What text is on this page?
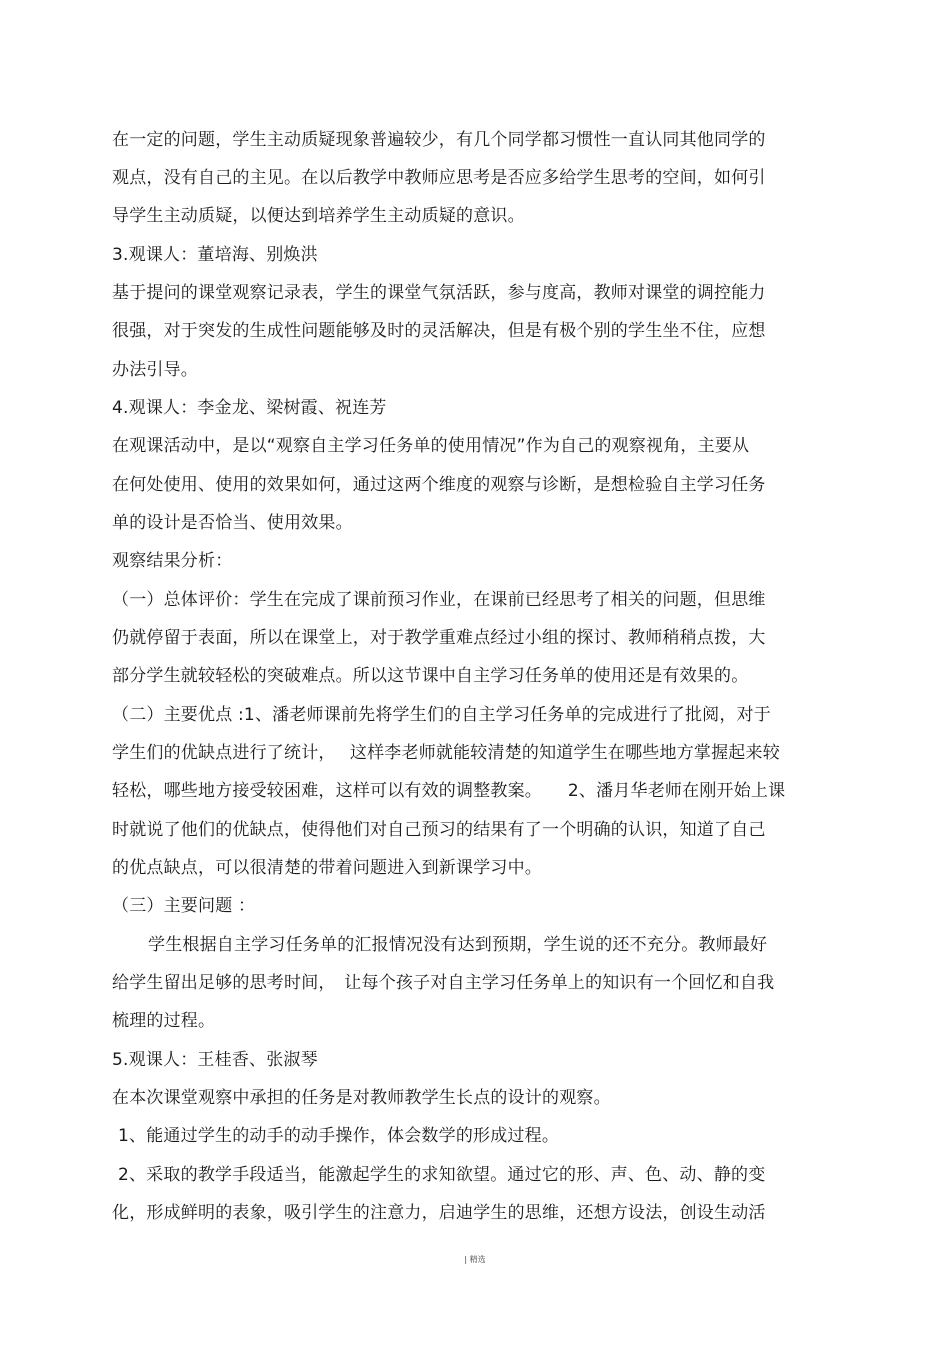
在一定的问题，学生主动质疑现象普遍较少，有几个同学都习惯性一直认同其他同学的
观点，没有自己的主见。在以后教学中教师应思考是否应多给学生思考的空间，如何引
导学生主动质疑，以便达到培养学生主动质疑的意识。
3.观课人：董培海、别焕洪
基于提问的课堂观察记录表，学生的课堂气氛活跃，参与度高，教师对课堂的调控能力
很强，对于突发的生成性问题能够及时的灵活解决，但是有极个别的学生坐不住，应想
办法引导。
4.观课人：李金龙、梁树霞、祝连芳
在观课活动中，是以“观察自主学习任务单的使用情况”作为自己的观察视角，主要从
在何处使用、使用的效果如何，通过这两个维度的观察与诊断，是想检验自主学习任务
单的设计是否恰当、使用效果。
观察结果分析：
（一）总体评价：学生在完成了课前预习作业，在课前已经思考了相关的问题，但思维
仍就停留于表面，所以在课堂上，对于教学重难点经过小组的探讨、教师稍稍点拨，大
部分学生就较轻松的突破难点。所以这节课中自主学习任务单的使用还是有效果的。
（二）主要优点 :1、潘老师课前先将学生们的自主学习任务单的完成进行了批阅，对于
学生们的优缺点进行了统计，　 这样李老师就能较清楚的知道学生在哪些地方掌握起来较
轻松，哪些地方接受较困难，这样可以有效的调整教案。　　2、潘月华老师在刚开始上课
时就说了他们的优缺点，使得他们对自己预习的结果有了一个明确的认识，知道了自己
的优点缺点，可以很清楚的带着问题进入到新课学习中。
（三）主要问题 ：
学生根据自主学习任务单的汇报情况没有达到预期，学生说的还不充分。教师最好
给学生留出足够的思考时间，　让每个孩子对自主学习任务单上的知识有一个回忆和自我
梳理的过程。
5.观课人：王桂香、张淑琴
在本次课堂观察中承担的任务是对教师教学生长点的设计的观察。
1、能通过学生的动手的动手操作，体会数学的形成过程。
2、采取的教学手段适当，能激起学生的求知欲望。通过它的形、声、色、动、静的变
化，形成鲜明的表象，吸引学生的注意力，启迪学生的思维，还想方设法，创设生动活
| 精选
